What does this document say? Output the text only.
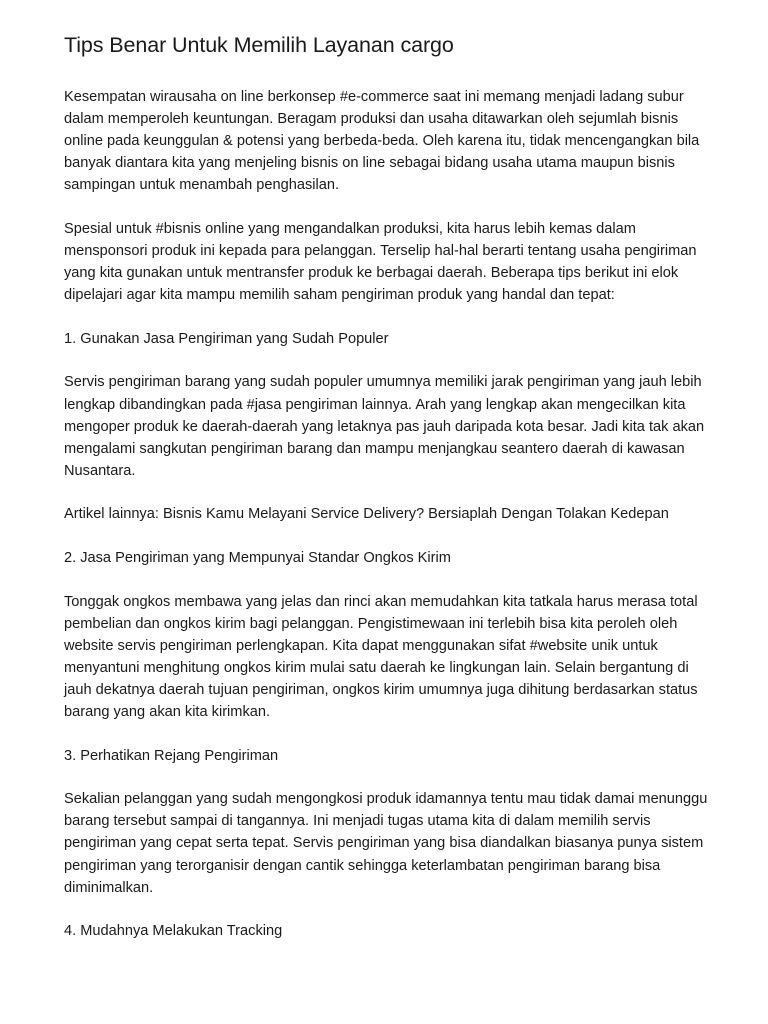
Tips Benar Untuk Memilih Layanan cargo

Kesempatan wirausaha on line berkonsep #e-commerce saat ini memang menjadi ladang subur dalam memperoleh keuntungan. Beragam produksi dan usaha ditawarkan oleh sejumlah bisnis online pada keunggulan & potensi yang berbeda-beda. Oleh karena itu, tidak mencengangkan bila banyak diantara kita yang menjeling bisnis on line sebagai bidang usaha utama maupun bisnis sampingan untuk menambah penghasilan.

Spesial untuk #bisnis online yang mengandalkan produksi, kita harus lebih kemas dalam mensponsori produk ini kepada para pelanggan. Terselip hal-hal berarti tentang usaha pengiriman yang kita gunakan untuk mentransfer produk ke berbagai daerah. Beberapa tips berikut ini elok dipelajari agar kita mampu memilih saham pengiriman produk yang handal dan tepat:

1. Gunakan Jasa Pengiriman yang Sudah Populer

Servis pengiriman barang yang sudah populer umumnya memiliki jarak pengiriman yang jauh lebih lengkap dibandingkan pada #jasa pengiriman lainnya. Arah yang lengkap akan mengecilkan kita mengoper produk ke daerah-daerah yang letaknya pas jauh daripada kota besar. Jadi kita tak akan mengalami sangkutan pengiriman barang dan mampu menjangkau seantero daerah di kawasan Nusantara.

Artikel lainnya: Bisnis Kamu Melayani Service Delivery? Bersiaplah Dengan Tolakan Kedepan

2. Jasa Pengiriman yang Mempunyai Standar Ongkos Kirim

Tonggak ongkos membawa yang jelas dan rinci akan memudahkan kita tatkala harus merasa total pembelian dan ongkos kirim bagi pelanggan. Pengistimewaan ini terlebih bisa kita peroleh oleh website servis pengiriman perlengkapan. Kita dapat menggunakan sifat #website unik untuk menyantuni menghitung ongkos kirim mulai satu daerah ke lingkungan lain. Selain bergantung di jauh dekatnya daerah tujuan pengiriman, ongkos kirim umumnya juga dihitung berdasarkan status barang yang akan kita kirimkan.

3. Perhatikan Rejang Pengiriman

Sekalian pelanggan yang sudah mengongkosi produk idamannya tentu mau tidak damai menunggu barang tersebut sampai di tangannya. Ini menjadi tugas utama kita di dalam memilih servis pengiriman yang cepat serta tepat. Servis pengiriman yang bisa diandalkan biasanya punya sistem pengiriman yang terorganisir dengan cantik sehingga keterlambatan pengiriman barang bisa diminimalkan.

4. Mudahnya Melakukan Tracking
